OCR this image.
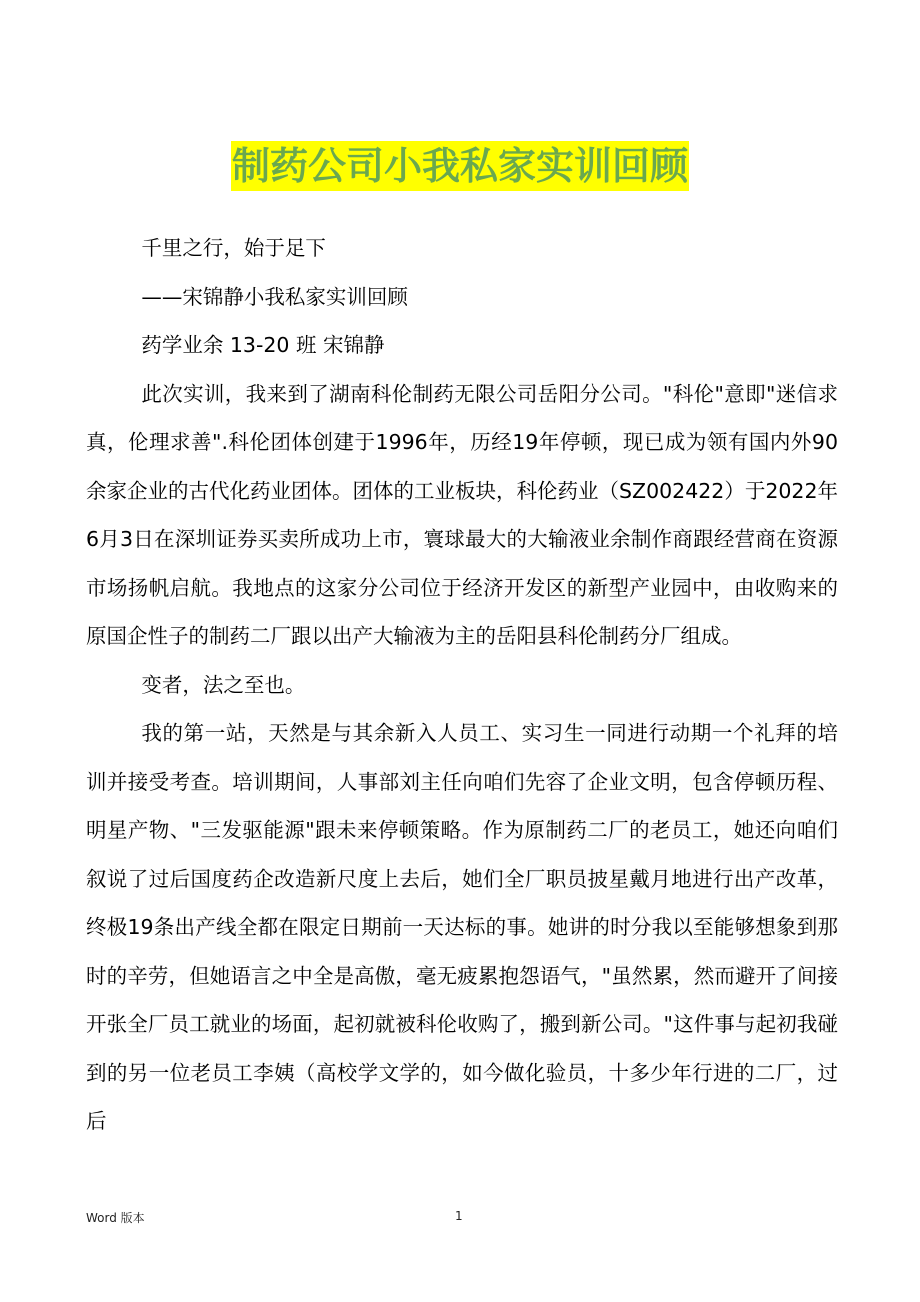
制药公司小我私家实训回顾

千里之行，始于足下

——宋锦静小我私家实训回顾

药学业余 13-20 班 宋锦静

此次实训，我来到了湖南科伦制药无限公司岳阳分公司。"科伦"意即"迷信求真，伦理求善".科伦团体创建于1996年，历经19年停顿，现已成为领有国内外90余家企业的古代化药业团体。团体的工业板块，科伦药业（SZ002422）于2022年6月3日在深圳证券买卖所成功上市，寰球最大的大输液业余制作商跟经营商在资源市场扬帆启航。我地点的这家分公司位于经济开发区的新型产业园中，由收购来的原国企性子的制药二厂跟以出产大输液为主的岳阳县科伦制药分厂组成。

变者，法之至也。

我的第一站，天然是与其余新入人员工、实习生一同进行动期一个礼拜的培训并接受考查。培训期间，人事部刘主任向咱们先容了企业文明，包含停顿历程、明星产物、"三发驱能源"跟未来停顿策略。作为原制药二厂的老员工，她还向咱们叙说了过后国度药企改造新尺度上去后，她们全厂职员披星戴月地进行出产改革，终极19条出产线全都在限定日期前一天达标的事。她讲的时分我以至能够想象到那时的辛劳，但她语言之中全是高傲，毫无疲累抱怨语气，"虽然累，然而避开了间接开张全厂员工就业的场面，起初就被科伦收购了，搬到新公司。"这件事与起初我碰到的另一位老员工李姨（高校学文学的，如今做化验员，十多少年行进的二厂，过后

Word 版本	1
